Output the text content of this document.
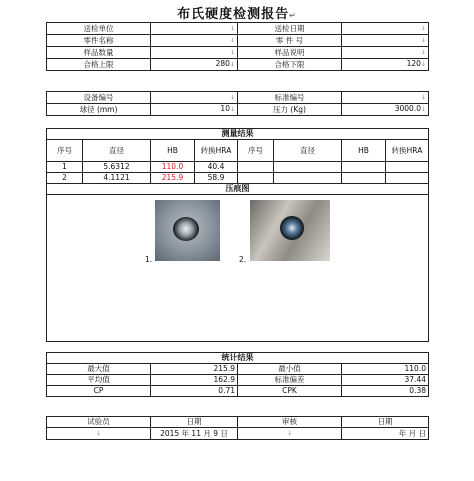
布氏硬度检测报告↵
送检单位	↓	送检日期	↓
零件名称	↓	零 件 号	↓
样品数量	↓	样品说明	↓
合格上限	280↓	合格下限	120↓
设备编号	↓	标准编号	↓
球径 (mm)	10↓	压力 (Kg)	3000.0↓
测量结果							
序号	直径	HB	转换HRA	序号	直径	HB	转换HRA
1	5.6312	110.0	40.4				
2	4.1121	215.9	58.9				
压痕图							

1. 2.							
统计结果			
最大值	215.9	最小值	110.0
平均值	162.9	标准偏差	37.44
CP	0.71	CPK	0.38
试验员	日期	审核	日期
↓	2015 年 11 月 9 日	↓	年 月 日
